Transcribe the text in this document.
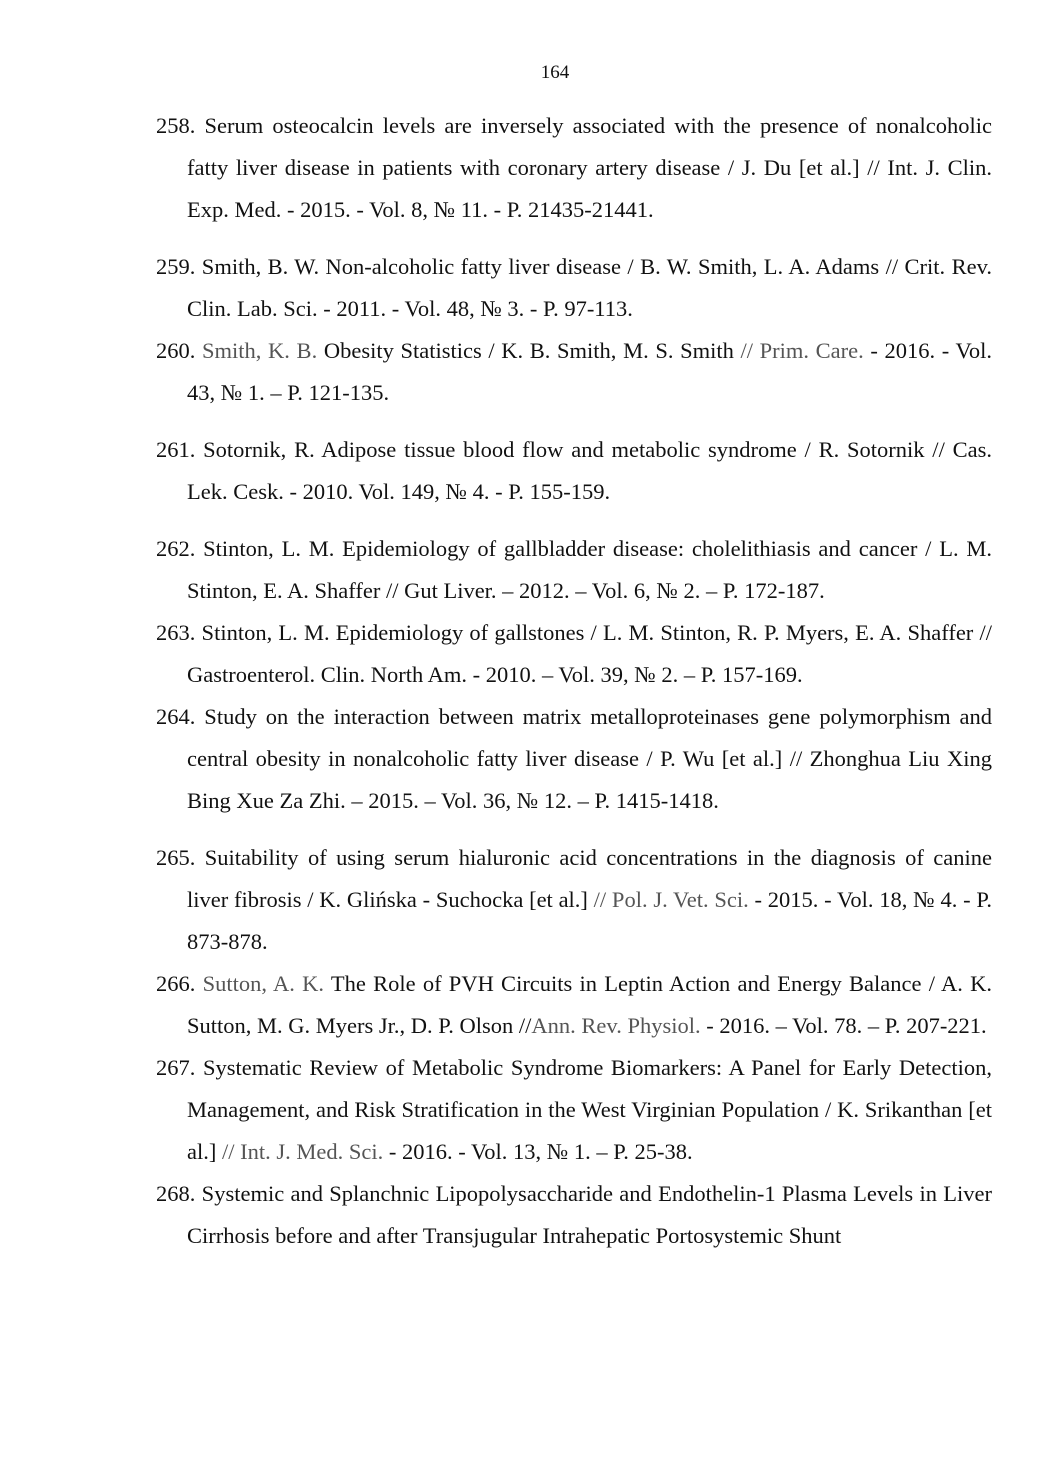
164
258. Serum osteocalcin levels are inversely associated with the presence of nonalcoholic fatty liver disease in patients with coronary artery disease / J. Du [et al.] // Int. J. Clin. Exp. Med. - 2015. - Vol. 8, № 11. - P. 21435-21441.
259. Smith, B. W. Non-alcoholic fatty liver disease / B. W. Smith, L. A. Adams // Crit. Rev. Clin. Lab. Sci. - 2011. - Vol. 48, № 3. - P. 97-113.
260. Smith, K. B. Obesity Statistics / K. B. Smith, M. S. Smith // Prim. Care. - 2016. - Vol. 43, № 1. – P. 121-135.
261. Sotornik, R. Adipose tissue blood flow and metabolic syndrome / R. Sotornik // Cas. Lek. Cesk. - 2010. Vol. 149, № 4. - P. 155-159.
262. Stinton, L. M. Epidemiology of gallbladder disease: cholelithiasis and cancer / L. M. Stinton, E. A. Shaffer // Gut Liver. – 2012. – Vol. 6, № 2. – P. 172-187.
263. Stinton, L. M. Epidemiology of gallstones / L. M. Stinton, R. P. Myers, E. A. Shaffer // Gastroenterol. Clin. North Am. - 2010. – Vol. 39, № 2. – P. 157-169.
264. Study on the interaction between matrix metalloproteinases gene polymorphism and central obesity in nonalcoholic fatty liver disease / P. Wu [et al.] // Zhonghua Liu Xing Bing Xue Za Zhi. – 2015. – Vol. 36, № 12. – P. 1415-1418.
265. Suitability of using serum hialuronic acid concentrations in the diagnosis of canine liver fibrosis / K. Glińska - Suchocka [et al.] // Pol. J. Vet. Sci. - 2015. - Vol. 18, № 4. - P. 873-878.
266. Sutton, A. K. The Role of PVH Circuits in Leptin Action and Energy Balance / A. K. Sutton, M. G. Myers Jr., D. P. Olson //Ann. Rev. Physiol. - 2016. – Vol. 78. – P. 207-221.
267. Systematic Review of Metabolic Syndrome Biomarkers: A Panel for Early Detection, Management, and Risk Stratification in the West Virginian Population / K. Srikanthan [et al.] // Int. J. Med. Sci. - 2016. - Vol. 13, № 1. – P. 25-38.
268. Systemic and Splanchnic Lipopolysaccharide and Endothelin-1 Plasma Levels in Liver Cirrhosis before and after Transjugular Intrahepatic Portosystemic Shunt
